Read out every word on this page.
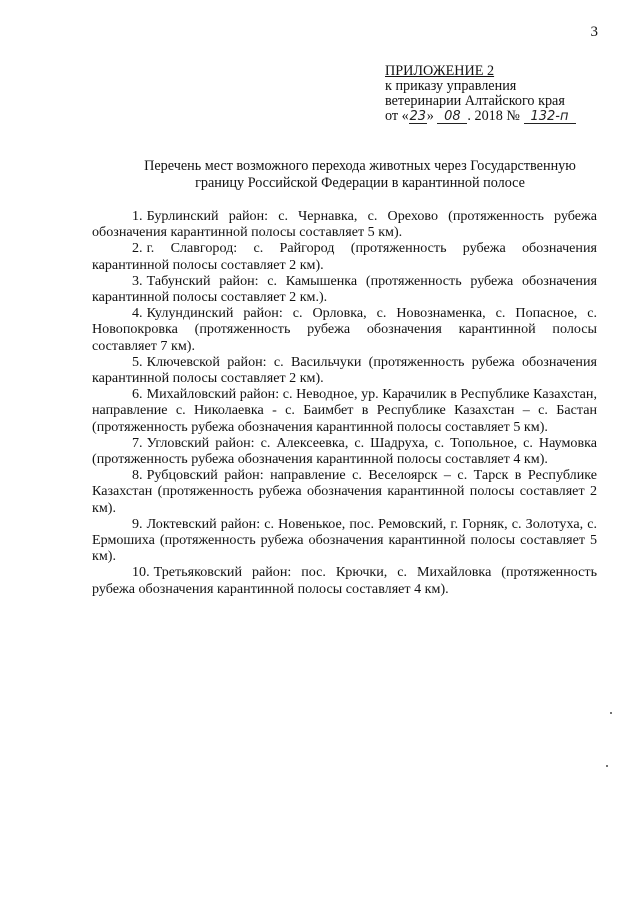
3
ПРИЛОЖЕНИЕ 2
к приказу управления
ветеринарии Алтайского края
от «23» 08 . 2018 № 132-п
Перечень мест возможного перехода животных через Государственную
границу Российской Федерации в карантинной полосе

1. Бурлинский район: с. Чернавка, с. Орехово (протяженность рубежа обозначения карантинной полосы составляет 5 км).

2. г. Славгород: с. Райгород (протяженность рубежа обозначения карантинной полосы составляет 2 км).

3. Табунский район: с. Камышенка (протяженность рубежа обозначения карантинной полосы составляет 2 км.).

4. Кулундинский район: с. Орловка, с. Новознаменка, с. Попасное, с. Новопокровка (протяженность рубежа обозначения карантинной полосы составляет 7 км).

5. Ключевской район: с. Васильчуки (протяженность рубежа обозначения карантинной полосы составляет 2 км).

6. Михайловский район: с. Неводное, ур. Карачилик в Республике Казахстан, направление с. Николаевка - с. Баимбет в Республике Казахстан – с. Бастан (протяженность рубежа обозначения карантинной полосы составляет 5 км).

7. Угловский район: с. Алексеевка, с. Шадруха, с. Топольное, с. Наумовка (протяженность рубежа обозначения карантинной полосы составляет 4 км).

8. Рубцовский район: направление с. Веселоярск – с. Тарск в Республике Казахстан (протяженность рубежа обозначения карантинной полосы составляет 2 км).

9. Локтевский район: с. Новенькое, пос. Ремовский, г. Горняк, с. Золотуха, с. Ермошиха (протяженность рубежа обозначения карантинной полосы составляет 5 км).

10. Третьяковский район: пос. Крючки, с. Михайловка (протяженность рубежа обозначения карантинной полосы составляет 4 км).
